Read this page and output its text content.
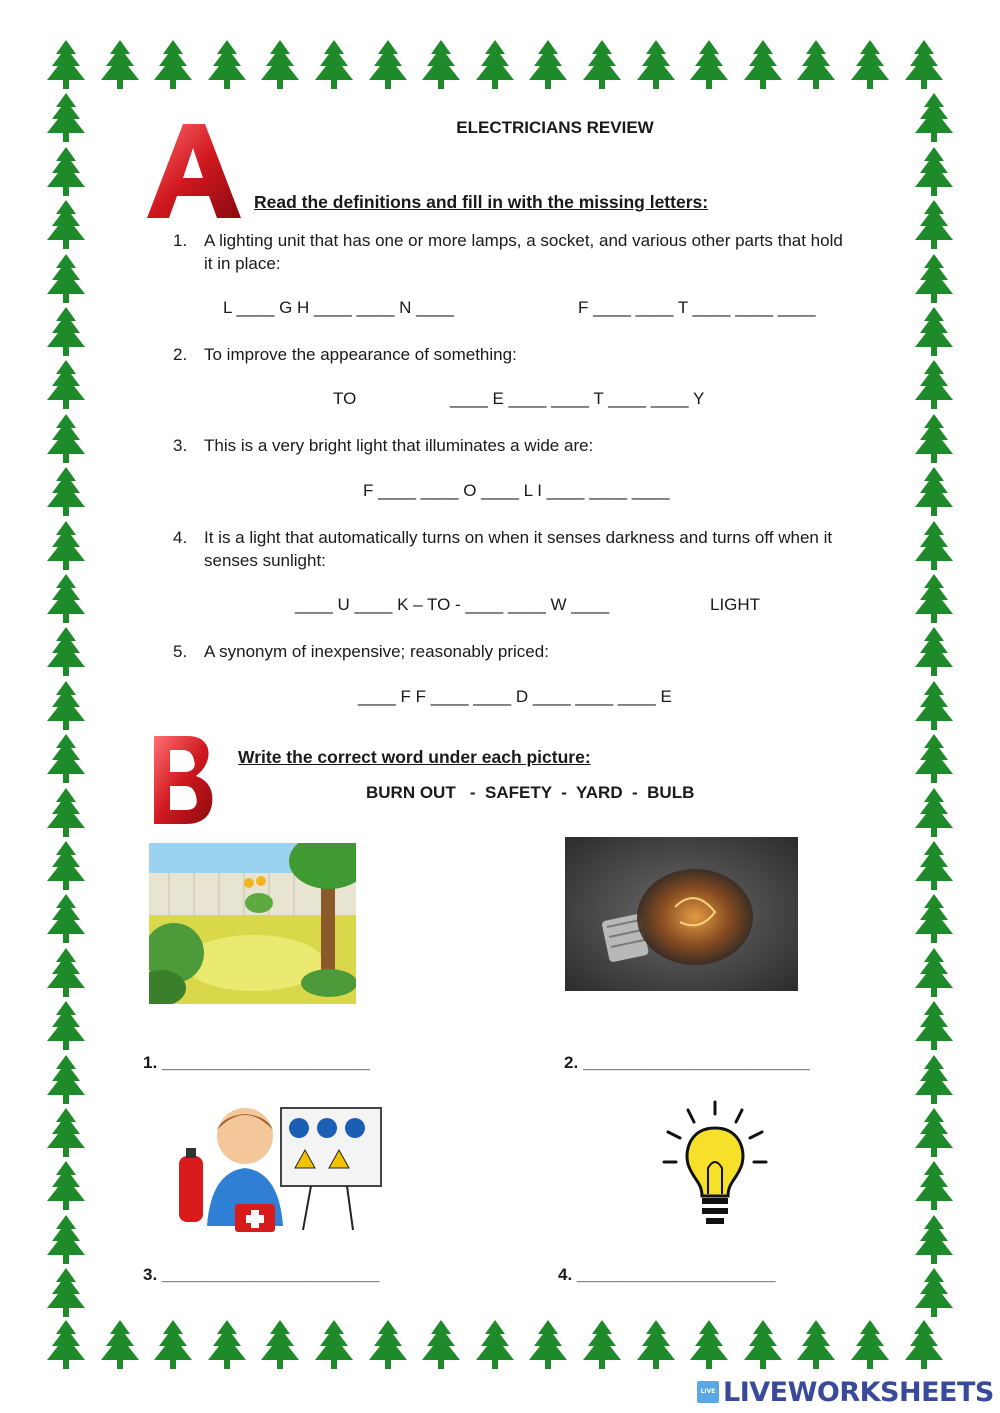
ELECTRICIANS REVIEW
Read the definitions and fill in with the missing letters:
1. A lighting unit that has one or more lamps, a socket, and various other parts that hold it in place:
L ____ G H ____ ____ N ____	F ____ ____ T ____ ____ ____
2. To improve the appearance of something:
TO	____ E ____ ____ T ____ ____ Y
3. This is a very bright light that illuminates a wide are:
F ____ ____ O ____ L I ____ ____ ____
4. It is a light that automatically turns on when it senses darkness and turns off when it senses sunlight:
____ U ____ K – TO - ____ ____ W ____	LIGHT
5. A synonym of inexpensive; reasonably priced:
____ F F ____ ____ D ____ ____ ____ E
Write the correct word under each picture:
BURN OUT   -  SAFETY  -  YARD  -  BULB
1. ______________________	2. ________________________
3. _______________________	4. _____________________
LIVE LIVEWORKSHEETS
